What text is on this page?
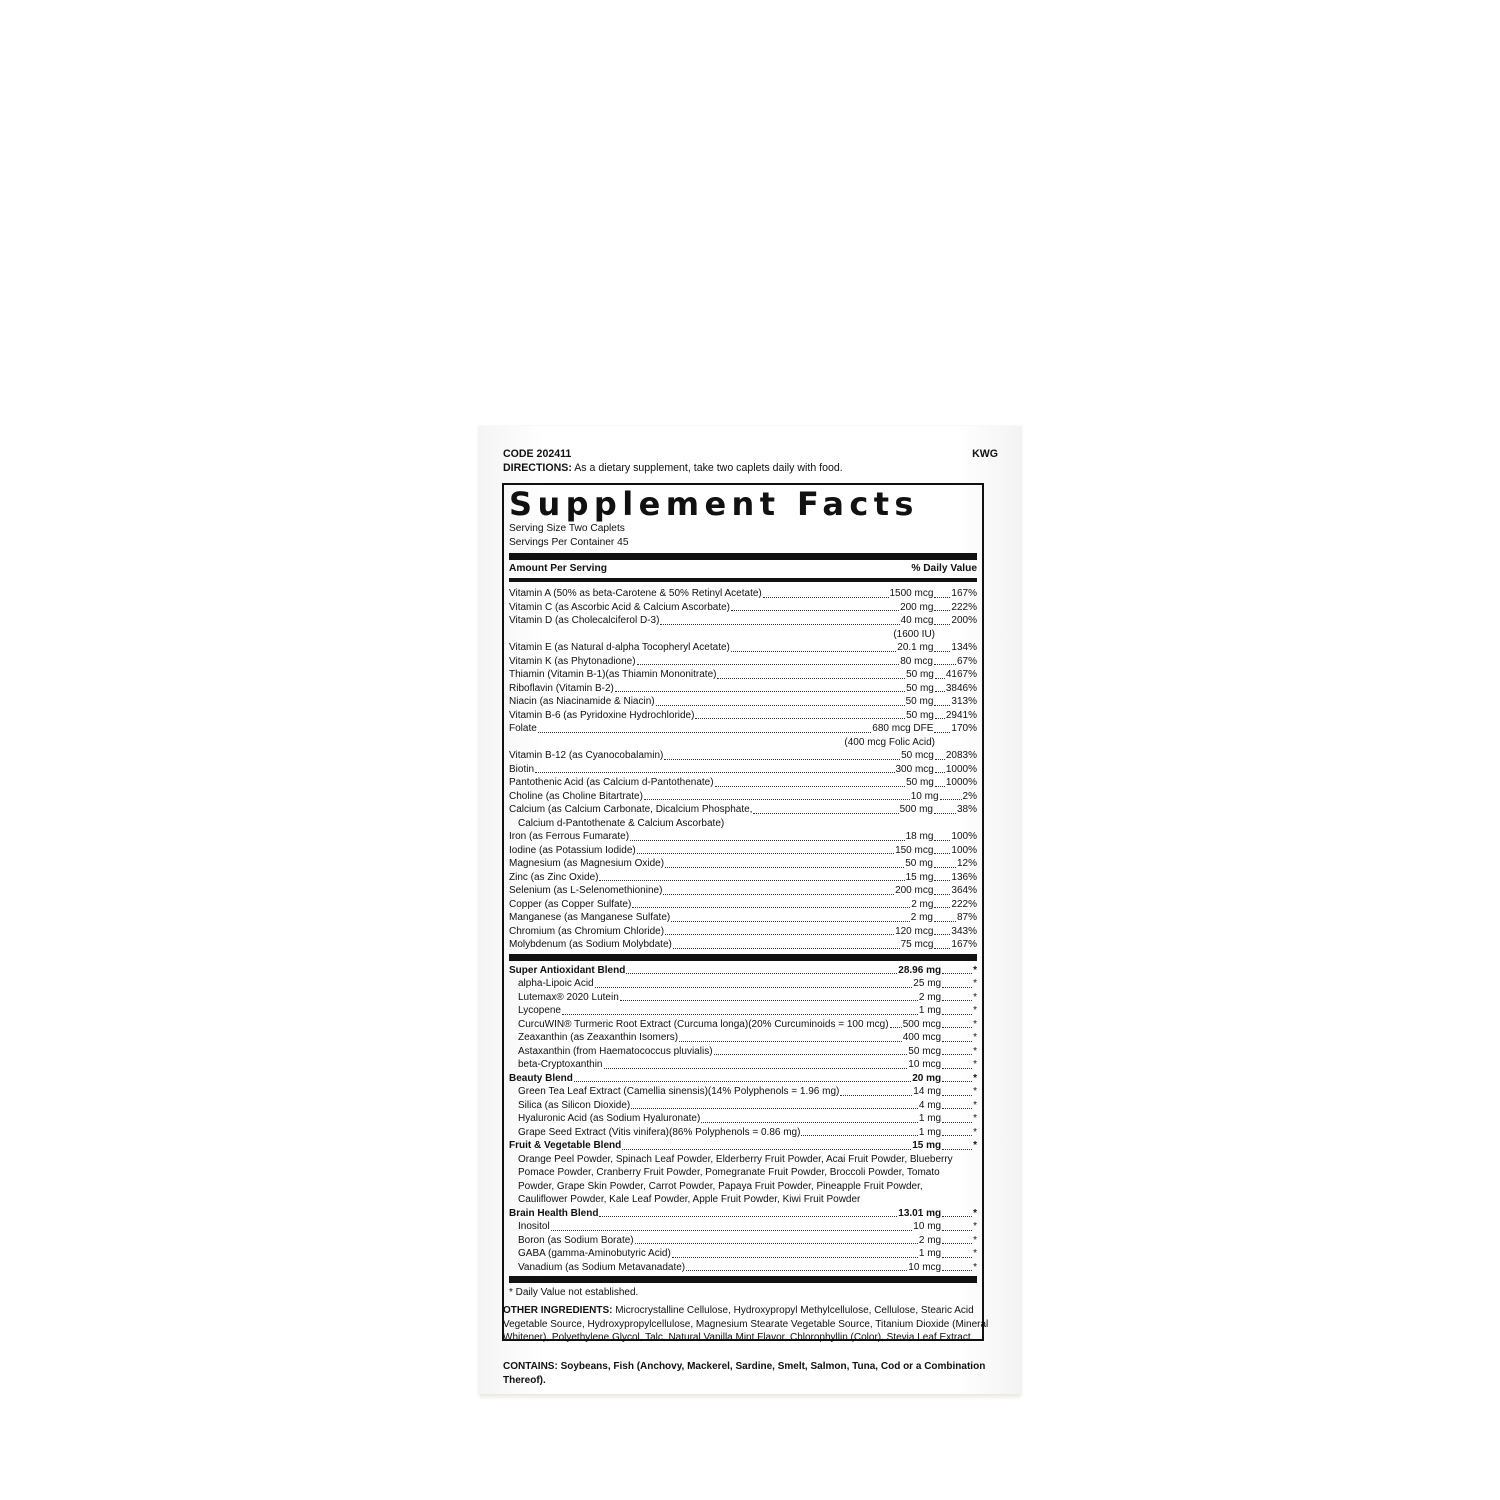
CODE 202411	KWG
DIRECTIONS: As a dietary supplement, take two caplets daily with food.
Supplement Facts
Serving Size Two Caplets
Servings Per Container 45
Amount Per Serving	% Daily Value
Vitamin A (50% as beta-Carotene & 50% Retinyl Acetate)	1500 mcg 167%
Vitamin C (as Ascorbic Acid & Calcium Ascorbate)	200 mg 222%
Vitamin D (as Cholecalciferol D-3)	40 mcg 200%
(1600 IU)
Vitamin E (as Natural d-alpha Tocopheryl Acetate)	20.1 mg 134%
Vitamin K (as Phytonadione)	80 mcg 67%
Thiamin (Vitamin B-1)(as Thiamin Mononitrate)	50 mg 4167%
Riboflavin (Vitamin B-2)	50 mg 3846%
Niacin (as Niacinamide & Niacin)	50 mg 313%
Vitamin B-6 (as Pyridoxine Hydrochloride)	50 mg 2941%
Folate	680 mcg DFE 170%
(400 mcg Folic Acid)
Vitamin B-12 (as Cyanocobalamin)	50 mcg 2083%
Biotin	300 mcg 1000%
Pantothenic Acid (as Calcium d-Pantothenate)	50 mg 1000%
Choline (as Choline Bitartrate)	10 mg 2%
Calcium (as Calcium Carbonate, Dicalcium Phosphate,	500 mg 38%
Calcium d-Pantothenate & Calcium Ascorbate)
Iron (as Ferrous Fumarate)	18 mg 100%
Iodine (as Potassium Iodide)	150 mcg 100%
Magnesium (as Magnesium Oxide)	50 mg 12%
Zinc (as Zinc Oxide)	15 mg 136%
Selenium (as L-Selenomethionine)	200 mcg 364%
Copper (as Copper Sulfate)	2 mg 222%
Manganese (as Manganese Sulfate)	2 mg 87%
Chromium (as Chromium Chloride)	120 mcg 343%
Molybdenum (as Sodium Molybdate)	75 mcg 167%
Super Antioxidant Blend	28.96 mg	*
alpha-Lipoic Acid	25 mg	*
Lutemax® 2020 Lutein	2 mg	*
Lycopene	1 mg	*
CurcuWIN® Turmeric Root Extract (Curcuma longa)(20% Curcuminoids = 100 mcg) 500 mcg	*
Zeaxanthin (as Zeaxanthin Isomers)	400 mcg	*
Astaxanthin (from Haematococcus pluvialis)	50 mcg	*
beta-Cryptoxanthin	10 mcg	*
Beauty Blend	20 mg	*
Green Tea Leaf Extract (Camellia sinensis)(14% Polyphenols = 1.96 mg)	14 mg	*
Silica (as Silicon Dioxide)	4 mg	*
Hyaluronic Acid (as Sodium Hyaluronate)	1 mg	*
Grape Seed Extract (Vitis vinifera)(86% Polyphenols = 0.86 mg)	1 mg	*
Fruit & Vegetable Blend	15 mg	*
Orange Peel Powder, Spinach Leaf Powder, Elderberry Fruit Powder, Acai Fruit Powder, Blueberry Pomace Powder, Cranberry Fruit Powder, Pomegranate Fruit Powder, Broccoli Powder, Tomato Powder, Grape Skin Powder, Carrot Powder, Papaya Fruit Powder, Pineapple Fruit Powder, Cauliflower Powder, Kale Leaf Powder, Apple Fruit Powder, Kiwi Fruit Powder
Brain Health Blend	13.01 mg	*
Inositol	10 mg	*
Boron (as Sodium Borate)	2 mg	*
GABA (gamma-Aminobutyric Acid)	1 mg	*
Vanadium (as Sodium Metavanadate)	10 mcg	*
* Daily Value not established.
OTHER INGREDIENTS: Microcrystalline Cellulose, Hydroxypropyl Methylcellulose, Cellulose, Stearic Acid Vegetable Source, Hydroxypropylcellulose, Magnesium Stearate Vegetable Source, Titanium Dioxide (Mineral Whitener), Polyethylene Glycol, Talc, Natural Vanilla Mint Flavor, Chlorophyllin (Color), Stevia Leaf Extract.
CONTAINS: Soybeans, Fish (Anchovy, Mackerel, Sardine, Smelt, Salmon, Tuna, Cod or a Combination Thereof).
